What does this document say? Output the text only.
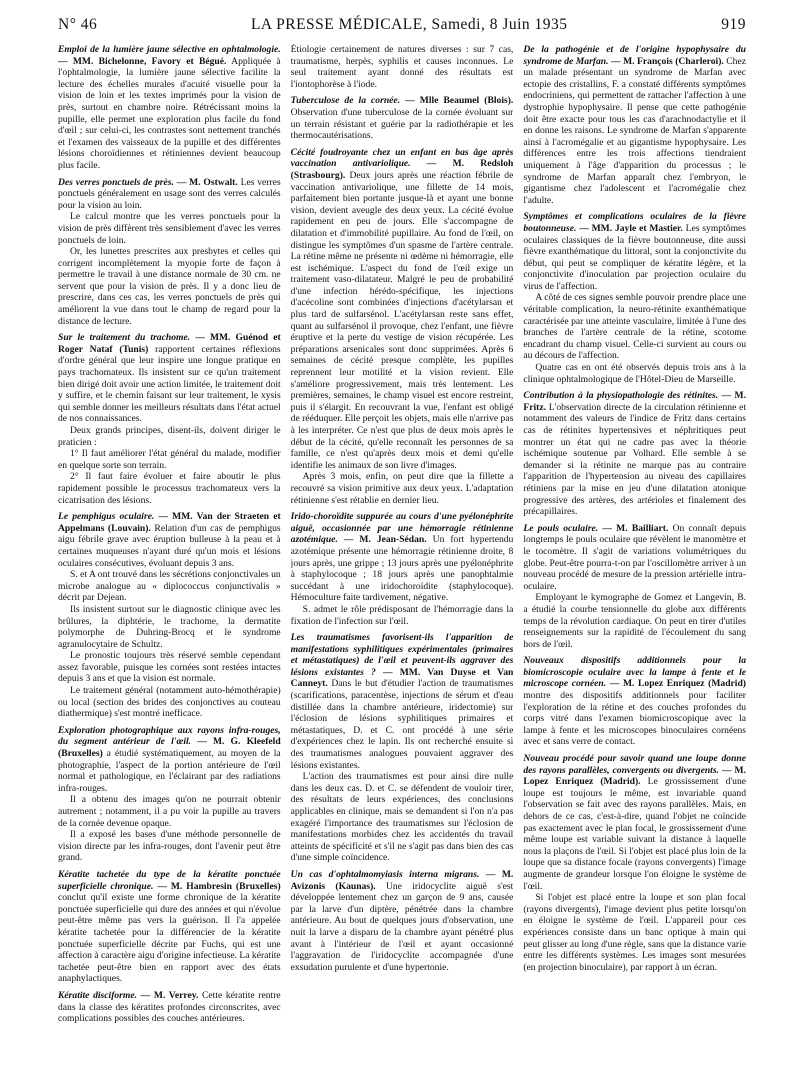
N° 46	LA PRESSE MÉDICALE, Samedi, 8 Juin 1935	919

Emploi de la lumière jaune sélective en ophtalmologie. — MM. Bichelonne, Favory et Bégué. Appliquée à l'ophtalmologie, la lumière jaune sélective facilite la lecture des échelles murales d'acuité visuelle pour la vision de loin et les textes imprimés pour la vision de près, surtout en chambre noire. Rétrécissant moins la pupille, elle permet une exploration plus facile du fond d'œil ; sur celui-ci, les contrastes sont nettement tranchés et l'examen des vaisseaux de la pupille et des différentes lésions choroïdiennes et rétiniennes devient beaucoup plus facile.

Des verres ponctuels de près. — M. Ostwalt. Les verres ponctuels généralement en usage sont des verres calculés pour la vision au loin.

Le calcul montre que les verres ponctuels pour la vision de près diffèrent très sensiblement d'avec les verres ponctuels de loin.

Or, les lunettes prescrites aux presbytes et celles qui corrigent incomplètement la myopie forte de façon à permettre le travail à une distance normale de 30 cm. ne servent que pour la vision de près. Il y a donc lieu de prescrire, dans ces cas, les verres ponctuels de près qui améliorent la vue dans tout le champ de regard pour la distance de lecture.

Sur le traitement du trachome. — MM. Guénod et Roger Nataf (Tunis) rapportent certaines réflexions d'ordre général que leur inspire une longue pratique en pays trachomateux. Ils insistent sur ce qu'un traitement bien dirigé doit avoir une action limitée, le traitement doit y suffire, et le chemin faisant sur leur traitement, le xysis qui semble donner les meilleurs résultats dans l'état actuel de nos connaissances.

Deux grands principes, disent-ils, doivent diriger le praticien :

1° Il faut améliorer l'état général du malade, modifier en quelque sorte son terrain.

2° Il faut faire évoluer et faire aboutir le plus rapidement possible le processus trachomateux vers la cicatrisation des lésions.

Le pemphigus oculaire. — MM. Van der Straeten et Appelmans (Louvain). Relation d'un cas de pemphigus aigu fébrile grave avec éruption bulleuse à la peau et à certaines muqueuses n'ayant duré qu'un mois et lésions oculaires consécutives, évoluant depuis 3 ans.

S. et A ont trouvé dans les sécrétions conjonctivales un microbe analogue au « diplococcus conjunctivalis » décrit par Dejean.

Ils insistent surtout sur le diagnostic clinique avec les brûlures, la diphtérie, le trachome, la dermatite polymorphe de Duhring-Brocq et le syndrome agranulocytaire de Schultz.

Le pronostic toujours très réservé semble cependant assez favorable, puisque les cornées sont restées intactes depuis 3 ans et que la vision est normale.

Le traitement général (notamment auto-hémothérapie) ou local (section des brides des conjonctives au couteau diathermique) s'est montré inefficace.

Exploration photographique aux rayons infra-rouges, du segment antérieur de l'œil. — M. G. Kleefeld (Bruxelles) a étudié systématiquement, au moyen de la photographie, l'aspect de la portion antérieure de l'œil normal et pathologique, en l'éclairant par des radiations infra-rouges.

Il a obtenu des images qu'on ne pourrait obtenir autrement ; notamment, il a pu voir la pupille au travers de la cornée devenue opaque.

Il a exposé les bases d'une méthode personnelle de vision directe par les infra-rouges, dont l'avenir peut être grand.

Kératite tachetée du type de la kératite ponctuée superficielle chronique. — M. Hambresin (Bruxelles) conclut qu'il existe une forme chronique de la kératite ponctuée superficielle qui dure des années et qui n'évolue peut-être même pas vers la guérison. Il l'a appelée kératite tachetée pour la différencier de la kératite ponctuée superficielle décrite par Fuchs, qui est une affection à caractère aigu d'origine infectieuse. La kératite tachetée peut-être bien en rapport avec des états anaphylactiques.

Kératite disciforme. — M. Verrey. Cette kératite rentre dans la classe des kératites profondes circonscrites, avec complications possibles des couches antérieures.

Étiologie certainement de natures diverses : sur 7 cas, traumatisme, herpès, syphilis et causes inconnues. Le seul traitement ayant donné des résultats est l'iontophorèse à l'iode.

Tuberculose de la cornée. — Mlle Beaumel (Blois). Observation d'une tuberculose de la cornée évoluant sur un terrain résistant et guérie par la radiothérapie et les thermocautérisations.

Cécité foudroyante chez un enfant en bas âge après vaccination antivariolique. — M. Redsloh (Strasbourg). Deux jours après une réaction fébrile de vaccination antivariolique, une fillette de 14 mois, parfaitement bien portante jusque-là et ayant une bonne vision, devient aveugle des deux yeux. La cécité évolue rapidement en peu de jours. Elle s'accompagne de dilatation et d'immobilité pupillaire. Au fond de l'œil, on distingue les symptômes d'un spasme de l'artère centrale. La rétine même ne présente ni œdème ni hémorragie, elle est ischémique. L'aspect du fond de l'œil exige un traitement vaso-dilatateur. Malgré le peu de probabilité d'une infection hérédo-spécifique, les injections d'acécoline sont combinées d'injections d'acétylarsan et plus tard de sulfarsénol. L'acétylarsan reste sans effet, quant au sulfarsénol il provoque, chez l'enfant, une fièvre éruptive et la perte du vestige de vision récupérée. Les préparations arsenicales sont donc supprimées. Après 6 semaines de cécité presque complète, les pupilles reprennent leur motilité et la vision revient. Elle s'améliore progressivement, mais très lentement. Les premières, semaines, le champ visuel est encore restreint, puis il s'élargit. En recouvrant la vue, l'enfant est obligé de rééduquer. Elle perçoit les objets, mais elle n'arrive pas à les interpréter. Ce n'est que plus de deux mois après le début de la cécité, qu'elle reconnaît les personnes de sa famille, ce n'est qu'après deux mois et demi qu'elle identifie les animaux de son livre d'images.

Après 3 mois, enfin, on peut dire que la fillette a recouvré sa vision primitive aux deux yeux. L'adaptation rétinienne s'est rétablie en dernier lieu.

Irido-choroïdite suppurée au cours d'une pyélonéphrite aiguë, occasionnée par une hémorragie rétinienne azotémique. — M. Jean-Sédan. Un fort hypertendu azotémique présente une hémorragie rétinienne droite, 8 jours après, une grippe ; 13 jours après une pyélonéphrite à staphylocoque ; 18 jours après une panophtalmie succédant à une iridochoroïdite (staphylocoque). Hémoculture faite tardivement, négative.

S. admet le rôle prédisposant de l'hémorragie dans la fixation de l'infection sur l'œil.

Les traumatismes favorisent-ils l'apparition de manifestations syphilitiques expérimentales (primaires et métastatiques) de l'œil et peuvent-ils aggraver des lésions existantes ? — MM. Van Duyse et Van Canneyt. Dans le but d'étudier l'action de traumatismes (scarifications, paracentèse, injections de sérum et d'eau distillée dans la chambre antérieure, iridectomie) sur l'éclosion de lésions syphilitiques primaires et métastatiques, D. et C. ont procédé à une série d'expériences chez le lapin. Ils ont recherché ensuite si des traumatismes analogues pouvaient aggraver des lésions existantes.

L'action des traumatismes est pour ainsi dire nulle dans les deux cas. D. et C. se défendent de vouloir tirer, des résultats de leurs expériences, des conclusions applicables en clinique, mais se demandent si l'on n'a pas exagéré l'importance des traumatismes sur l'éclosion de manifestations morbides chez les accidentés du travail atteints de spécificité et s'il ne s'agit pas dans bien des cas d'une simple coïncidence.

Un cas d'ophtalmomyiasis interna migrans. — M. Avizonis (Kaunas). Une iridocyclite aiguë s'est développée lentement chez un garçon de 9 ans, causée par la larve d'un diptère, pénétrée dans la chambre antérieure. Au bout de quelques jours d'observation, une nuit la larve a disparu de la chambre ayant pénétré plus avant à l'intérieur de l'œil et ayant occasionné l'aggravation de l'iridocyclite accompagnée d'une exsudation purulente et d'une hypertonie.

De la pathogénie et de l'origine hypophysaire du syndrome de Marfan. — M. François (Charleroi). Chez un malade présentant un syndrome de Marfan avec ectopie des cristallins, F. a constaté différents symptômes endocriniens, qui permettent de rattacher l'affection à une dystrophie hypophysaire. Il pense que cette pathogénie doit être exacte pour tous les cas d'arachnodactylie et il en donne les raisons. Le syndrome de Marfan s'apparente ainsi à l'acromégalie et au gigantisme hypophysaire. Les différences entre les trois affections tiendraient uniquement à l'âge d'apparition du processus ; le syndrome de Marfan apparaît chez l'embryon, le gigantisme chez l'adolescent et l'acromégalie chez l'adulte.

Symptômes et complications oculaires de la fièvre boutonneuse. — MM. Jayle et Mastier. Les symptômes oculaires classiques de la fièvre boutonneuse, dite aussi fièvre exanthématique du littoral, sont la conjonctivite du début, qui peut se compliquer de kératite légère, et la conjonctivite d'inoculation par projection oculaire du virus de l'affection.

A côté de ces signes semble pouvoir prendre place une véritable complication, la neuro-rétinite exanthématique caractérisée par une atteinte vasculaire, limitée à l'une des branches de l'artère centrale de la rétine, scotome encadrant du champ visuel. Celle-ci survient au cours ou au décours de l'affection.

Quatre cas en ont été observés depuis trois ans à la clinique ophtalmologique de l'Hôtel-Dieu de Marseille.

Contribution à la physiopathologie des rétinites. — M. Fritz. L'observation directe de la circulation rétinienne et notamment des valeurs de l'indice de Fritz dans certains cas de rétinites hypertensives et néphritiques peut montrer un état qui ne cadre pas avec la théorie ischémique soutenue par Volhard. Elle semble à se demander si la rétinite ne marque pas au contraire l'apparition de l'hypertension au niveau des capillaires rétiniens par la mise en jeu d'une dilatation atonique progressive des artères, des artérioles et finalement des précapillaires.

Le pouls oculaire. — M. Bailliart. On connaît depuis longtemps le pouls oculaire que révèlent le manomètre et le tocomètre. Il s'agit de variations volumétriques du globe. Peut-être pourra-t-on par l'oscillomètre arriver à un nouveau procédé de mesure de la pression artérielle intra-oculaire.

Employant le kymographe de Gomez et Langevin, B. a étudié la courbe tensionnelle du globe aux différents temps de la révolution cardiaque. On peut en tirer d'utiles renseignements sur la rapidité de l'écoulement du sang hors de l'œil.

Nouveaux dispositifs additionnels pour la biomicroscopie oculaire avec la lampe à fente et le microscope cornéen. — M. Lopez Enriquez (Madrid) montre des dispositifs additionnels pour faciliter l'exploration de la rétine et des couches profondes du corps vitré dans l'examen biomicroscopique avec la lampe à fente et les microscopes binoculaires cornéens avec et sans verre de contact.

Nouveau procédé pour savoir quand une loupe donne des rayons parallèles, convergents ou divergents. — M. Lopez Enriquez (Madrid). Le grossissement d'une loupe est toujours le même, est invariable quand l'observation se fait avec des rayons parallèles. Mais, en dehors de ce cas, c'est-à-dire, quand l'objet ne coïncide pas exactement avec le plan focal, le grossissement d'une même loupe est variable suivant la distance à laquelle nous la plaçons de l'œil. Si l'objet est placé plus loin de la loupe que sa distance focale (rayons convergents) l'image augmente de grandeur lorsque l'on éloigne le système de l'œil.

Si l'objet est placé entre la loupe et son plan focal (rayons divergents), l'image devient plus petite lorsqu'on en éloigne le système de l'œil. L'appareil pour ces expériences consiste dans un banc optique à main qui peut glisser au long d'une règle, sans que la distance varie entre les différents systèmes. Les images sont mesurées (en projection binoculaire), par rapport à un écran.
